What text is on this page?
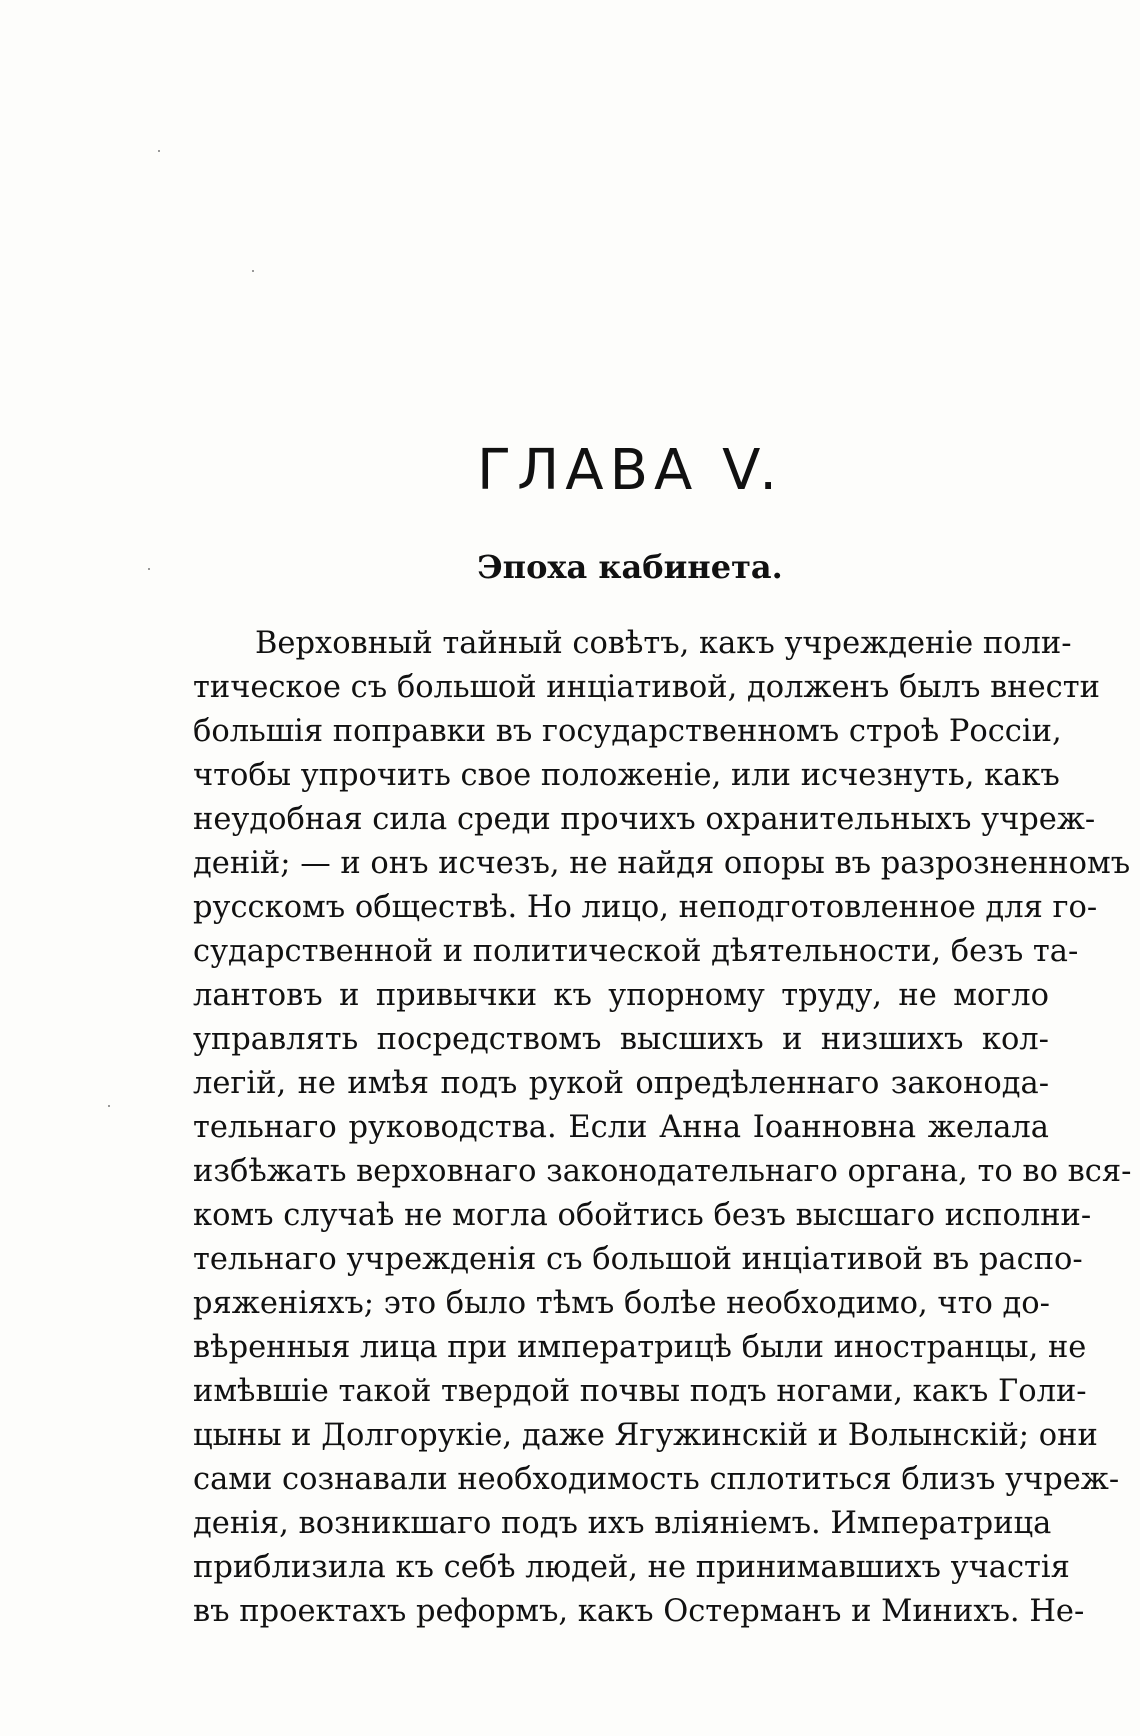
ГЛАВА V.
Эпоха кабинета.
Верховный тайный совѣтъ, какъ учрежденіе поли-
тическое съ большой инціативой, долженъ былъ внести
большія поправки въ государственномъ строѣ Россіи,
чтобы упрочить свое положеніе, или исчезнуть, какъ
неудобная сила среди прочихъ охранительныхъ учреж-
деній; — и онъ исчезъ, не найдя опоры въ разрозненномъ
русскомъ обществѣ. Но лицо, неподготовленное для го-
сударственной и политической дѣятельности, безъ та-
лантовъ и привычки къ упорному труду, не могло
управлять посредствомъ высшихъ и низшихъ кол-
легій, не имѣя подъ рукой опредѣленнаго законода-
тельнаго руководства. Если Анна Іоанновна желала
избѣжать верховнаго законодательнаго органа, то во вся-
комъ случаѣ не могла обойтись безъ высшаго исполни-
тельнаго учрежденія съ большой инціативой въ распо-
ряженіяхъ; это было тѣмъ болѣе необходимо, что до-
вѣренныя лица при императрицѣ были иностранцы, не
имѣвшіе такой твердой почвы подъ ногами, какъ Голи-
цыны и Долгорукіе, даже Ягужинскій и Волынскій; они
сами сознавали необходимость сплотиться близъ учреж-
денія, возникшаго подъ ихъ вліяніемъ. Императрица
приблизила къ себѣ людей, не принимавшихъ участія
въ проектахъ реформъ, какъ Остерманъ и Минихъ. Не-
